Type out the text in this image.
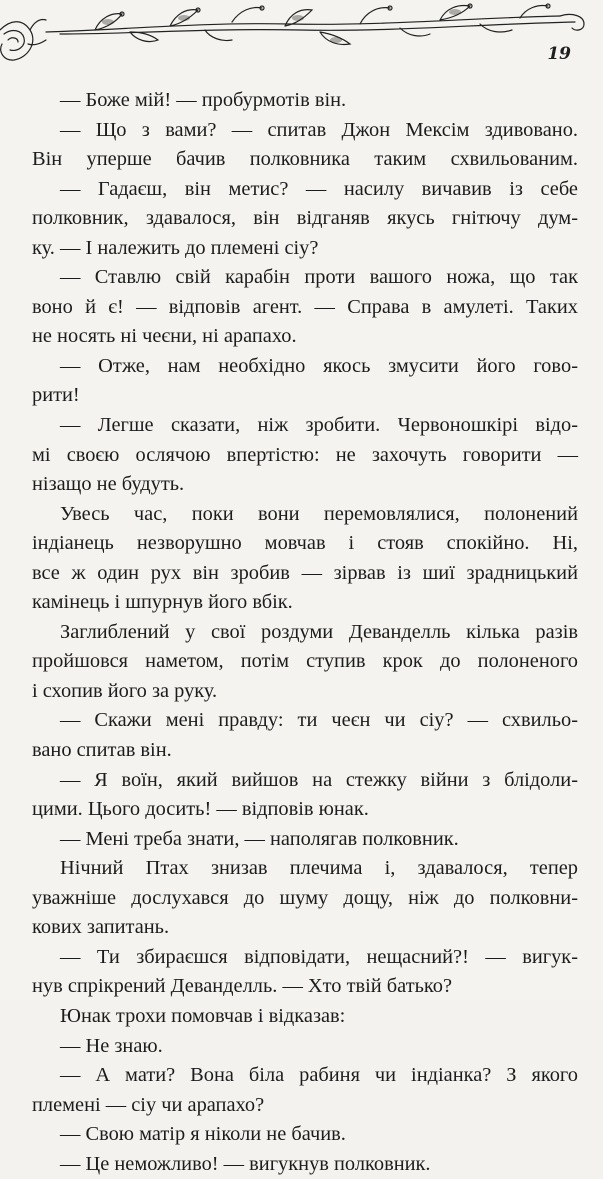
19
— Боже мій! — пробурмотів він.
— Що з вами? — спитав Джон Мексім здивовано.
Він уперше бачив полковника таким схвильованим.
— Гадаєш, він метис? — насилу вичавив із себе
полковник, здавалося, він відганяв якусь гнітючу дум-
ку. — І належить до племені сіу?
— Ставлю свій карабін проти вашого ножа, що так
воно й є! — відповів агент. — Справа в амулеті. Таких
не носять ні чеєни, ні арапахо.
— Отже, нам необхідно якось змусити його говo-
рити!
— Легше сказати, ніж зробити. Червоношкірі відо-
мі своєю ослячою впертістю: не захочуть говорити —
нізащо не будуть.
Увесь час, поки вони перемовлялися, полонений
індіанець незворушно мовчав і стояв спокійно. Ні,
все ж один рух він зробив — зірвав із шиї зрадницький
камінець і шпурнув його вбік.
Заглиблений у свої роздуми Деванделль кілька разів
пройшовся наметом, потім ступив крок до полоненого
і схопив його за руку.
— Скажи мені правду: ти чеєн чи сіу? — схвильо-
вано спитав він.
— Я воїн, який вийшов на стежку війни з блідоли-
цими. Цього досить! — відповів юнак.
— Мені треба знати, — наполягав полковник.
Нічний Птах знизав плечима і, здавалося, тепер
уважніше дослухався до шуму дощу, ніж до полковни-
кових запитань.
— Ти збираєшся відповідати, нещасний?! — вигук-
нув спрікрений Деванделль. — Хто твій батько?
Юнак трохи помовчав і відказав:
— Не знаю.
— А мати? Вона біла рабиня чи індіанка? З якого
племені — сіу чи арапахо?
— Свою матір я ніколи не бачив.
— Це неможливо! — вигукнув полковник.
